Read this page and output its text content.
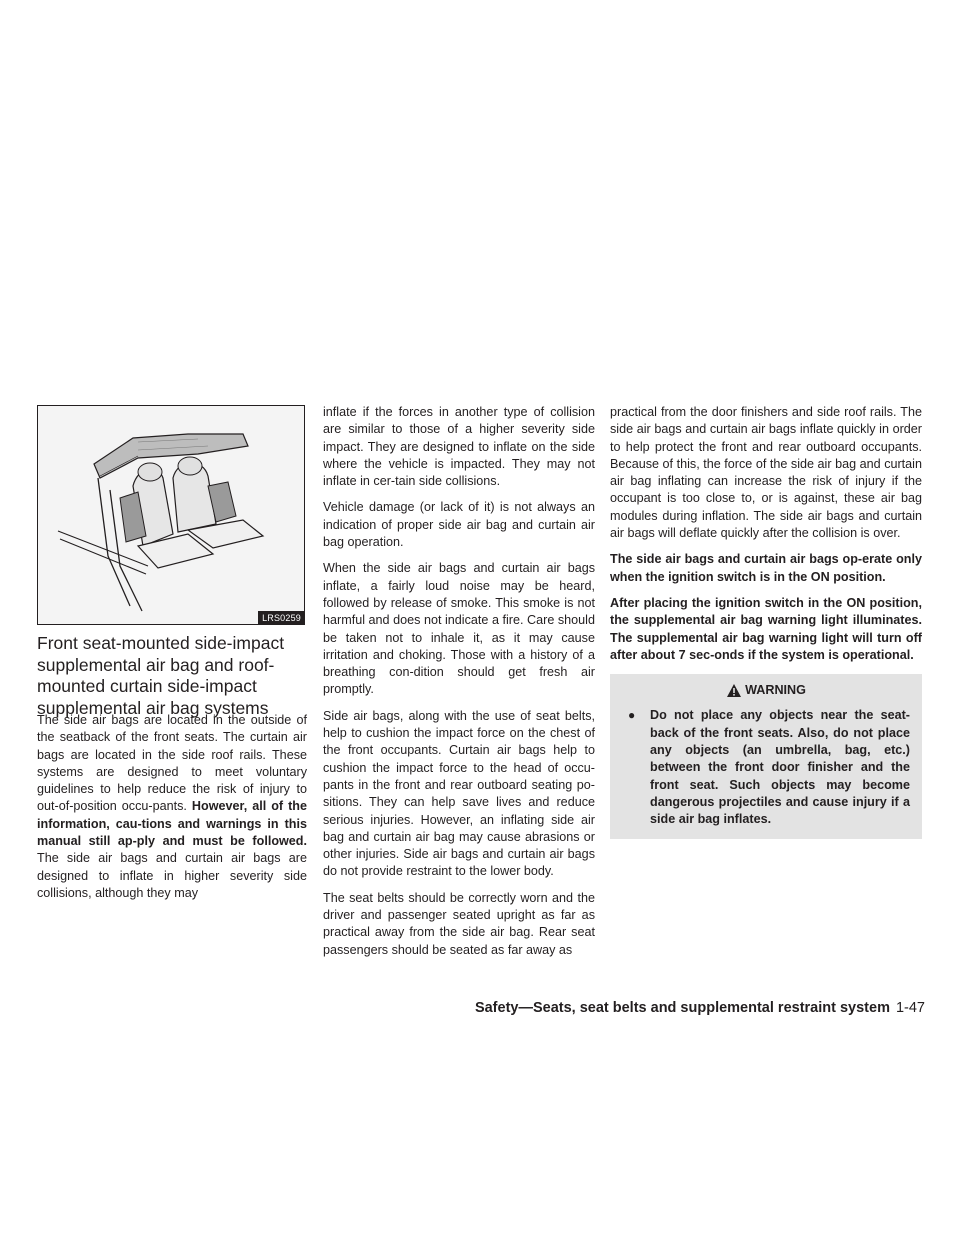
LRS0259
Front seat-mounted side-impact supplemental air bag and roof-mounted curtain side-impact supplemental air bag systems

The side air bags are located in the outside of the seatback of the front seats. The curtain air bags are located in the side roof rails. These systems are designed to meet voluntary guidelines to help reduce the risk of injury to out-of-position occu-pants. However, all of the information, cau-tions and warnings in this manual still ap-ply and must be followed. The side air bags and curtain air bags are designed to inflate in higher severity side collisions, although they may

inflate if the forces in another type of collision are similar to those of a higher severity side impact. They are designed to inflate on the side where the vehicle is impacted. They may not inflate in cer-tain side collisions.

Vehicle damage (or lack of it) is not always an indication of proper side air bag and curtain air bag operation.

When the side air bags and curtain air bags inflate, a fairly loud noise may be heard, followed by release of smoke. This smoke is not harmful and does not indicate a fire. Care should be taken not to inhale it, as it may cause irritation and choking. Those with a history of a breathing con-dition should get fresh air promptly.

Side air bags, along with the use of seat belts, help to cushion the impact force on the chest of the front occupants. Curtain air bags help to cushion the impact force to the head of occu-pants in the front and rear outboard seating po-sitions. They can help save lives and reduce serious injuries. However, an inflating side air bag and curtain air bag may cause abrasions or other injuries. Side air bags and curtain air bags do not provide restraint to the lower body.

The seat belts should be correctly worn and the driver and passenger seated upright as far as practical away from the side air bag. Rear seat passengers should be seated as far away as

practical from the door finishers and side roof rails. The side air bags and curtain air bags inflate quickly in order to help protect the front and rear outboard occupants. Because of this, the force of the side air bag and curtain air bag inflating can increase the risk of injury if the occupant is too close to, or is against, these air bag modules during inflation. The side air bags and curtain air bags will deflate quickly after the collision is over.

The side air bags and curtain air bags op-erate only when the ignition switch is in the ON position.

After placing the ignition switch in the ON position, the supplemental air bag warning light illuminates. The supplemental air bag warning light will turn off after about 7 sec-onds if the system is operational.

WARNING
●	Do not place any objects near the seat-back of the front seats. Also, do not place any objects (an umbrella, bag, etc.) between the front door finisher and the front seat. Such objects may become dangerous projectiles and cause injury if a side air bag inflates.
Safety—Seats, seat belts and supplemental restraint system 1-47
